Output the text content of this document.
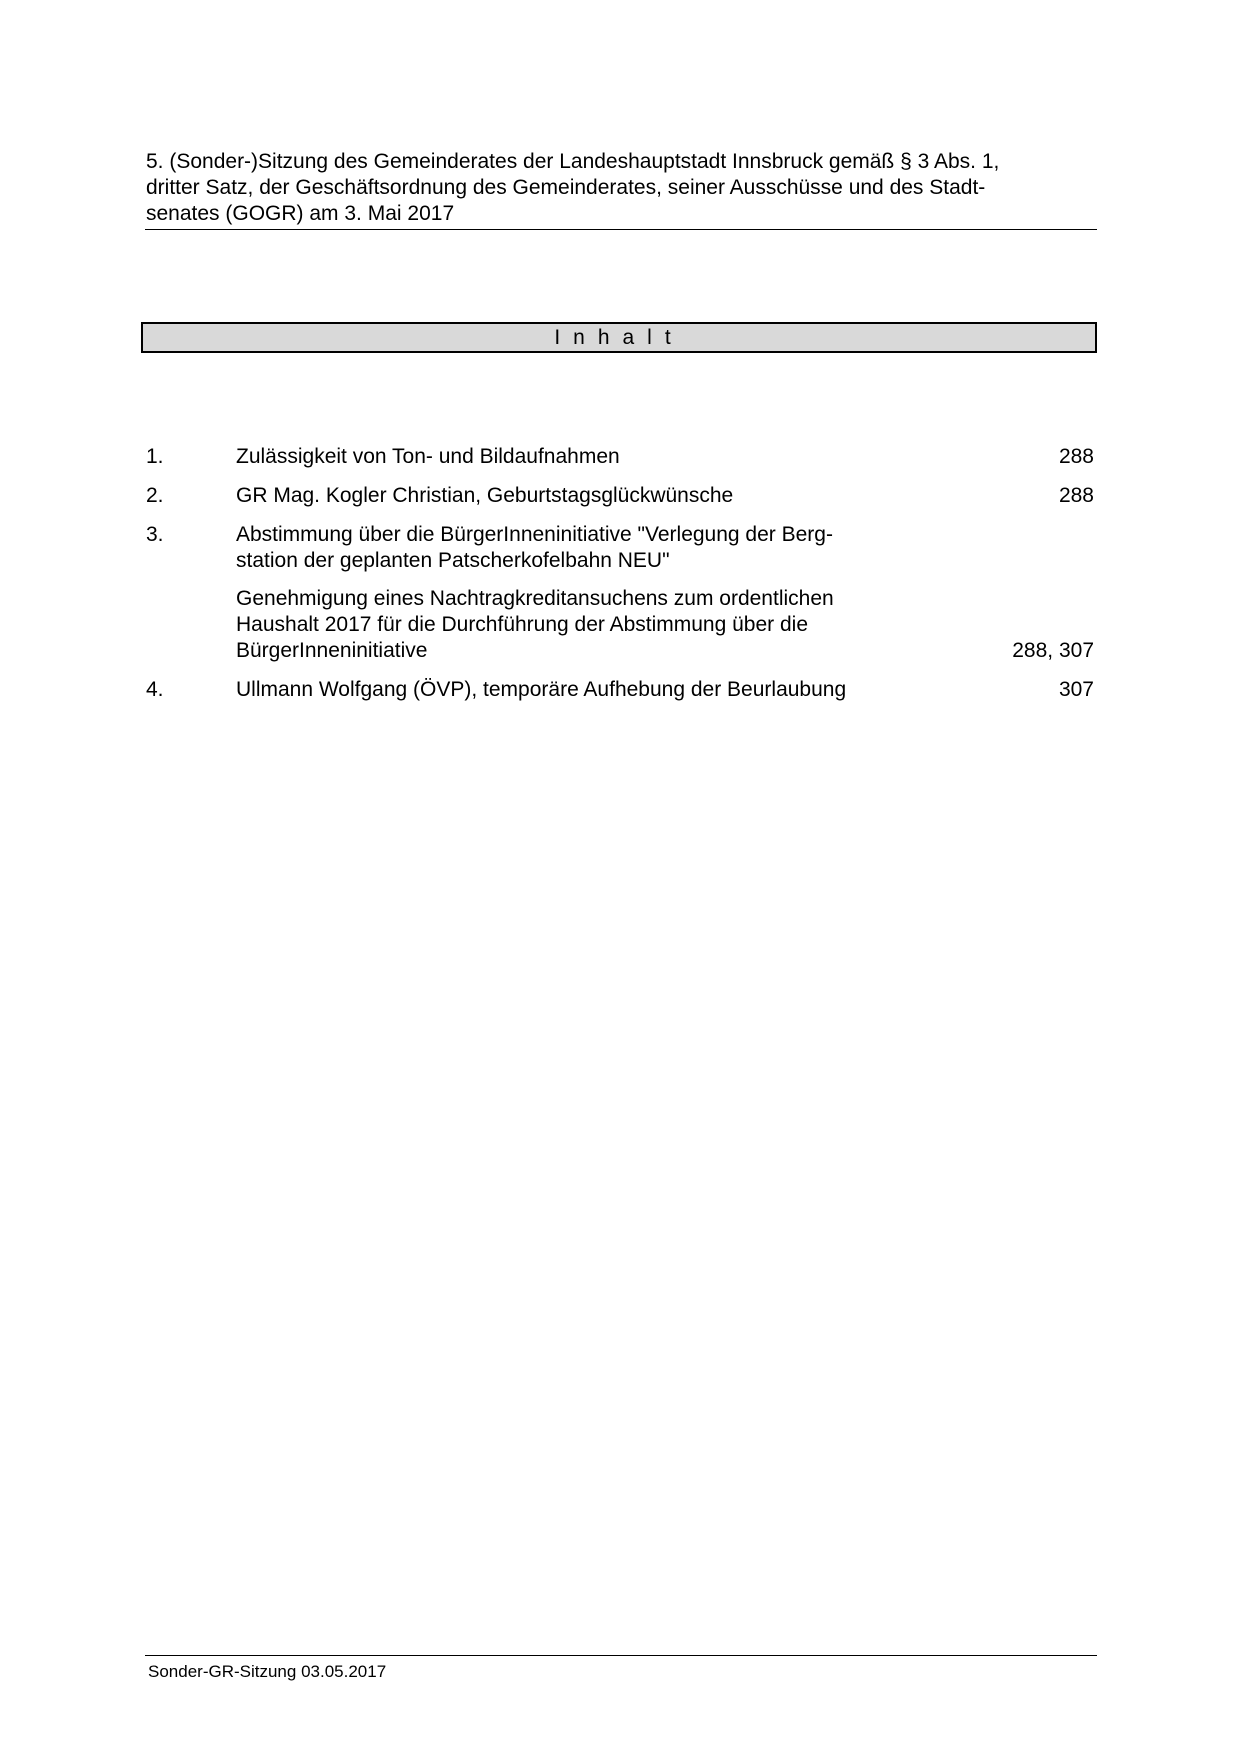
5. (Sonder-)Sitzung des Gemeinderates der Landeshauptstadt Innsbruck gemäß § 3 Abs. 1,
dritter Satz, der Geschäftsordnung des Gemeinderates, seiner Ausschüsse und des Stadt-
senates (GOGR) am 3. Mai 2017
Inhalt
1.	Zulässigkeit von Ton- und Bildaufnahmen	288
2.	GR Mag. Kogler Christian, Geburtstagsglückwünsche	288
3.	Abstimmung über die BürgerInneninitiative "Verlegung der Berg-
station der geplanten Patscherkofelbahn NEU"
Genehmigung eines Nachtragkreditansuchens zum ordentlichen
Haushalt 2017 für die Durchführung der Abstimmung über die
BürgerInneninitiative	288, 307
4.	Ullmann Wolfgang (ÖVP), temporäre Aufhebung der Beurlaubung	307
Sonder-GR-Sitzung 03.05.2017
